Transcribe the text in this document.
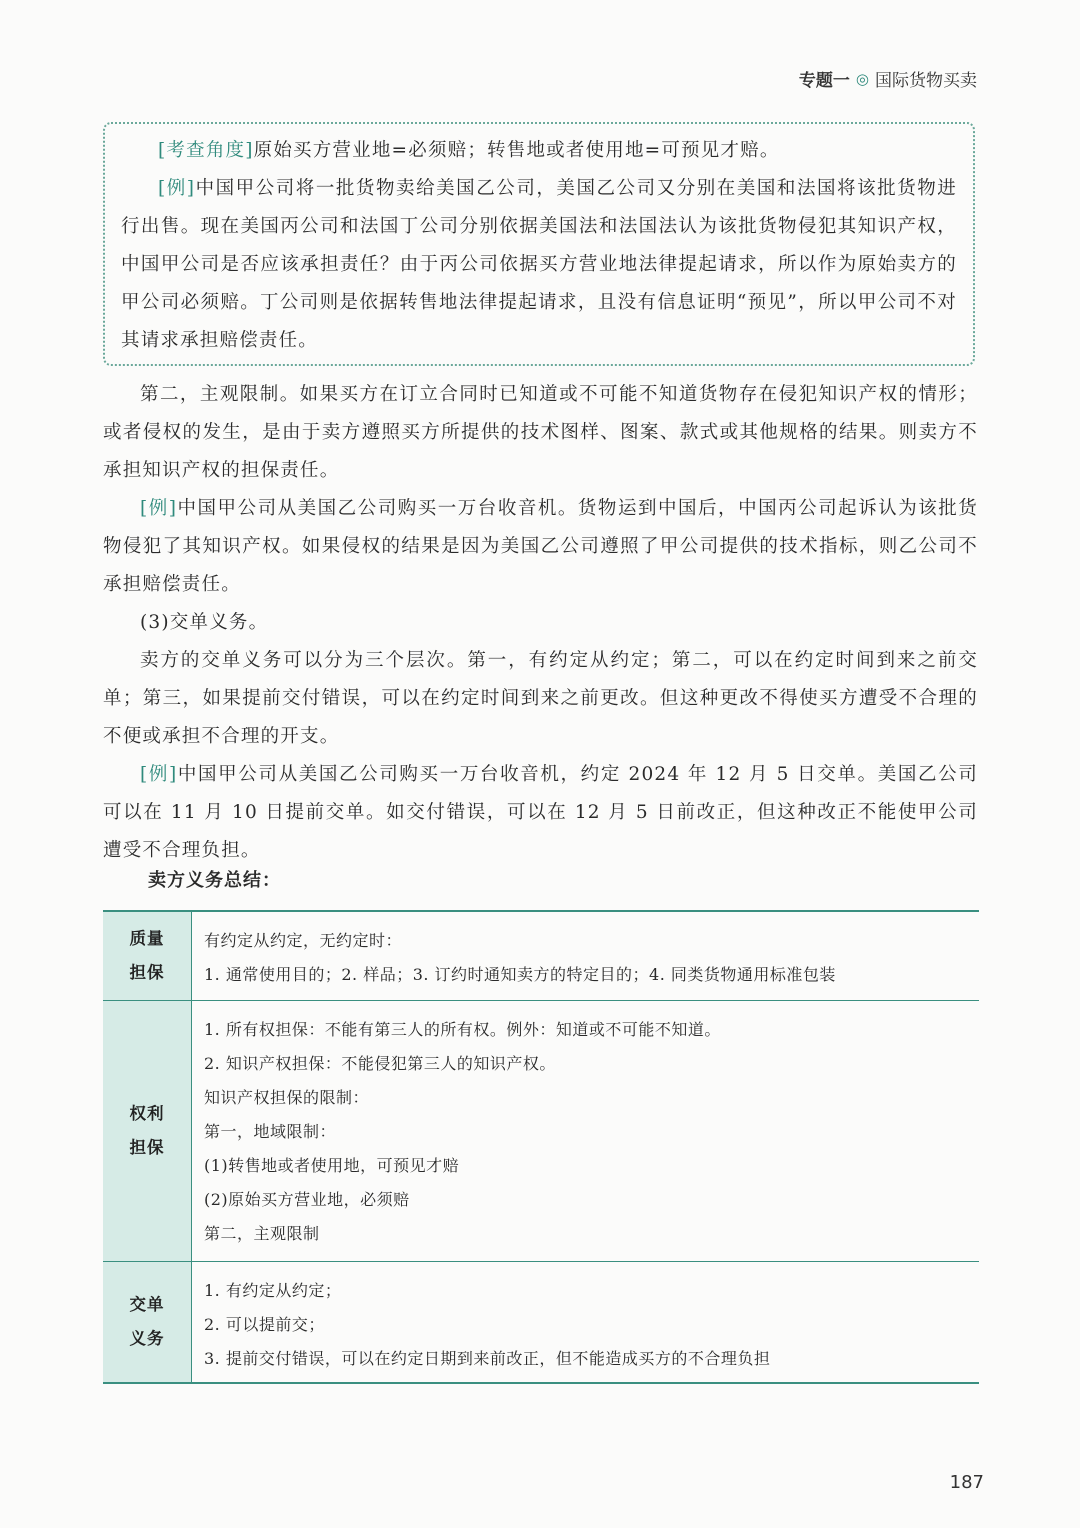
专题一 ◎ 国际货物买卖

[考查角度]原始买方营业地=必须赔；转售地或者使用地=可预见才赔。

[例]中国甲公司将一批货物卖给美国乙公司，美国乙公司又分别在美国和法国将该批货物进行出售。现在美国丙公司和法国丁公司分别依据美国法和法国法认为该批货物侵犯其知识产权，中国甲公司是否应该承担责任？由于丙公司依据买方营业地法律提起请求，所以作为原始卖方的甲公司必须赔。丁公司则是依据转售地法律提起请求，且没有信息证明“预见”，所以甲公司不对其请求承担赔偿责任。

第二，主观限制。如果买方在订立合同时已知道或不可能不知道货物存在侵犯知识产权的情形；或者侵权的发生，是由于卖方遵照买方所提供的技术图样、图案、款式或其他规格的结果。则卖方不承担知识产权的担保责任。

[例]中国甲公司从美国乙公司购买一万台收音机。货物运到中国后，中国丙公司起诉认为该批货物侵犯了其知识产权。如果侵权的结果是因为美国乙公司遵照了甲公司提供的技术指标，则乙公司不承担赔偿责任。

(3)交单义务。

卖方的交单义务可以分为三个层次。第一，有约定从约定；第二，可以在约定时间到来之前交单；第三，如果提前交付错误，可以在约定时间到来之前更改。但这种更改不得使买方遭受不合理的不便或承担不合理的开支。

[例]中国甲公司从美国乙公司购买一万台收音机，约定 2024 年 12 月 5 日交单。美国乙公司可以在 11 月 10 日提前交单。如交付错误，可以在 12 月 5 日前改正，但这种改正不能使甲公司遭受不合理负担。

卖方义务总结：
质量
担保
有约定从约定，无约定时：
1. 通常使用目的；2. 样品；3. 订约时通知卖方的特定目的；4. 同类货物通用标准包装
权利
担保
1. 所有权担保：不能有第三人的所有权。例外：知道或不可能不知道。
2. 知识产权担保：不能侵犯第三人的知识产权。
知识产权担保的限制：
第一，地域限制：
(1)转售地或者使用地，可预见才赔
(2)原始买方营业地，必须赔
第二，主观限制
交单
义务
1. 有约定从约定；
2. 可以提前交；
3. 提前交付错误，可以在约定日期到来前改正，但不能造成买方的不合理负担
187
